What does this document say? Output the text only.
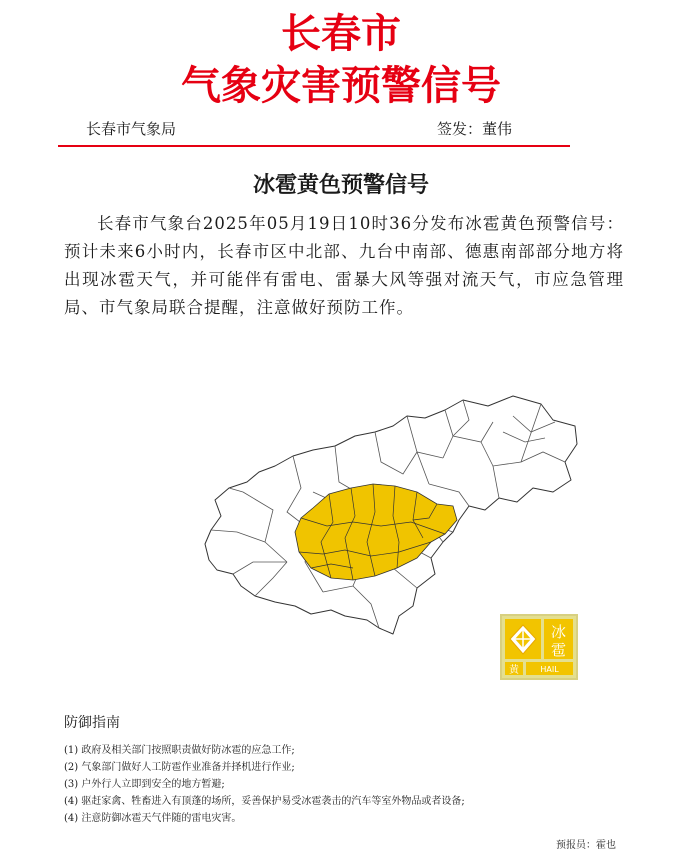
长春市
气象灾害预警信号
长春市气象局	签发：董伟
冰雹黄色预警信号

长春市气象台2025年05月19日10时36分发布冰雹黄色预警信号：预计未来6小时内，长春市区中北部、九台中南部、德惠南部部分地方将出现冰雹天气，并可能伴有雷电、雷暴大风等强对流天气，市应急管理局、市气象局联合提醒，注意做好预防工作。

冰
雹
黄	HAIL
防御指南
(1) 政府及相关部门按照职责做好防冰雹的应急工作;
(2) 气象部门做好人工防雹作业准备并择机进行作业;
(3) 户外行人立即到安全的地方暂避;
(4) 驱赶家禽、牲畜进入有顶蓬的场所，妥善保护易受冰雹袭击的汽车等室外物品或者设备;
(4) 注意防御冰雹天气伴随的雷电灾害。
预报员：霍也
